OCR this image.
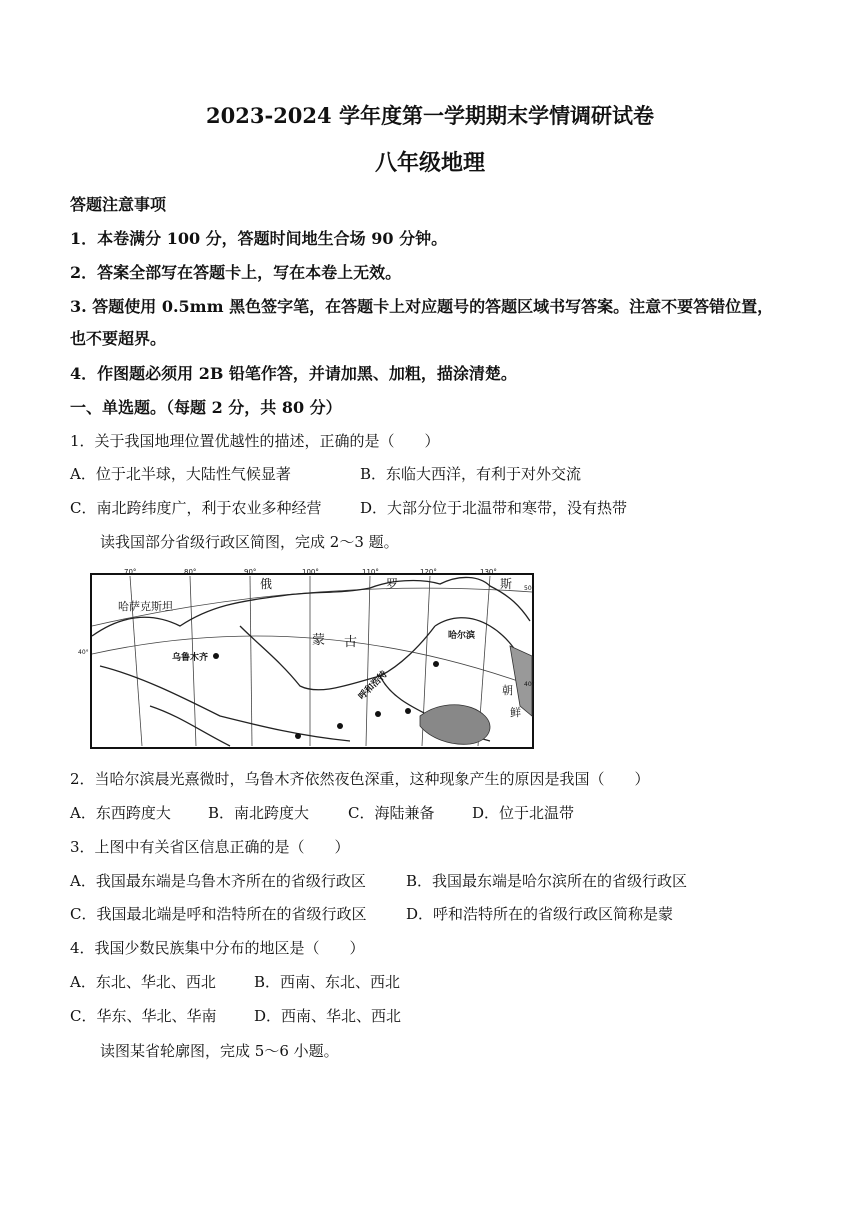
2023-2024 学年度第一学期期末学情调研试卷
八年级地理
答题注意事项
1．本卷满分 100 分，答题时间地生合场 90 分钟。
2．答案全部写在答题卡上，写在本卷上无效。
3. 答题使用 0.5mm 黑色签字笔，在答题卡上对应题号的答题区域书写答案。注意不要答错位置，
也不要超界。
4．作图题必须用 2B 铅笔作答，并请加黑、加粗，描涂清楚。
一、单选题。（每题 2 分，共 80 分）
1．关于我国地理位置优越性的描述，正确的是（　　）
A．位于北半球，大陆性气候显著	B．东临大西洋，有利于对外交流
C．南北跨纬度广，利于农业多种经营	D．大部分位于北温带和寒带，没有热带
读我国部分省级行政区简图，完成 2～3 题。
70°	80°	90°	100°	110°	120°	130°
50°
40°
40°
俄	罗	斯
哈萨克斯坦
蒙 古
朝
鲜
乌鲁木齐
哈尔滨
呼和浩特
2．当哈尔滨晨光熹微时，乌鲁木齐依然夜色深重，这种现象产生的原因是我国（　　）
A．东西跨度大 B．南北跨度大	C．海陆兼备	D．位于北温带
3．上图中有关省区信息正确的是（　　）
A．我国最东端是乌鲁木齐所在的省级行政区	B．我国最东端是哈尔滨所在的省级行政区
C．我国最北端是呼和浩特所在的省级行政区	D．呼和浩特所在的省级行政区简称是蒙
4．我国少数民族集中分布的地区是（　　）
A．东北、华北、西北	B．西南、东北、西北
C．华东、华北、华南	D．西南、华北、西北
读图某省轮廓图，完成 5～6 小题。
